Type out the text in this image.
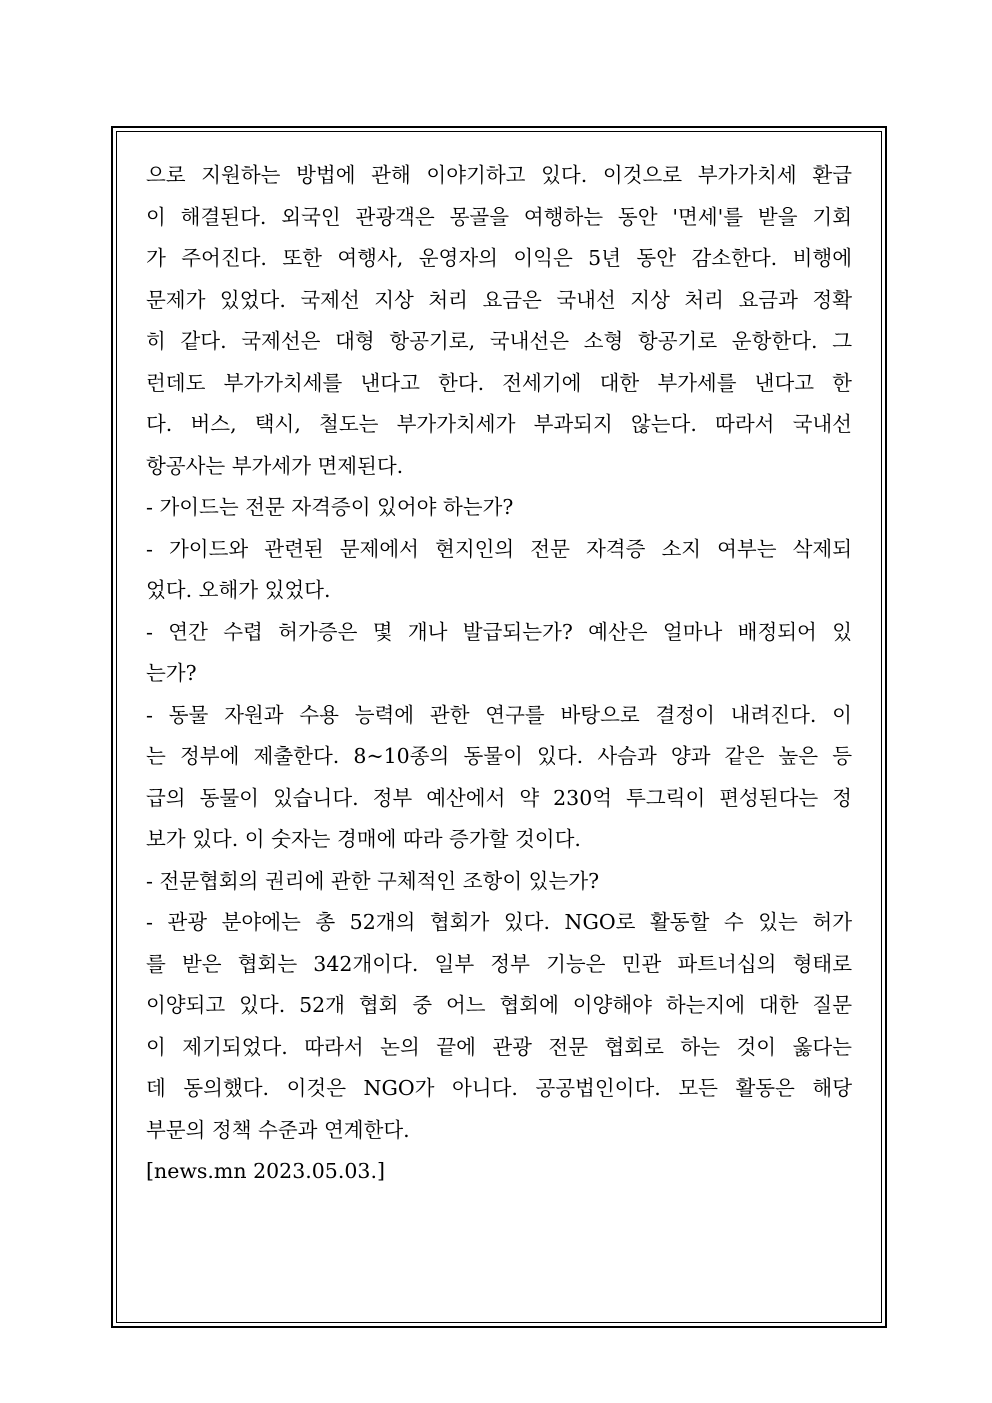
으로 지원하는 방법에 관해 이야기하고 있다. 이것으로 부가가치세 환급
이 해결된다. 외국인 관광객은 몽골을 여행하는 동안 '면세'를 받을 기회
가 주어진다. 또한 여행사, 운영자의 이익은 5년 동안 감소한다. 비행에
문제가 있었다. 국제선 지상 처리 요금은 국내선 지상 처리 요금과 정확
히 같다. 국제선은 대형 항공기로, 국내선은 소형 항공기로 운항한다. 그
런데도 부가가치세를 낸다고 한다. 전세기에 대한 부가세를 낸다고 한
다. 버스, 택시, 철도는 부가가치세가 부과되지 않는다. 따라서 국내선
항공사는 부가세가 면제된다.
- 가이드는 전문 자격증이 있어야 하는가?
- 가이드와 관련된 문제에서 현지인의 전문 자격증 소지 여부는 삭제되
었다. 오해가 있었다.
- 연간 수렵 허가증은 몇 개나 발급되는가? 예산은 얼마나 배정되어 있
는가?
- 동물 자원과 수용 능력에 관한 연구를 바탕으로 결정이 내려진다. 이
는 정부에 제출한다. 8~10종의 동물이 있다. 사슴과 양과 같은 높은 등
급의 동물이 있습니다. 정부 예산에서 약 230억 투그릭이 편성된다는 정
보가 있다. 이 숫자는 경매에 따라 증가할 것이다.
- 전문협회의 권리에 관한 구체적인 조항이 있는가?
- 관광 분야에는 총 52개의 협회가 있다. NGO로 활동할 수 있는 허가
를 받은 협회는 342개이다. 일부 정부 기능은 민관 파트너십의 형태로
이양되고 있다. 52개 협회 중 어느 협회에 이양해야 하는지에 대한 질문
이 제기되었다. 따라서 논의 끝에 관광 전문 협회로 하는 것이 옳다는
데 동의했다. 이것은 NGO가 아니다. 공공법인이다. 모든 활동은 해당
부문의 정책 수준과 연계한다.
[news.mn 2023.05.03.]
